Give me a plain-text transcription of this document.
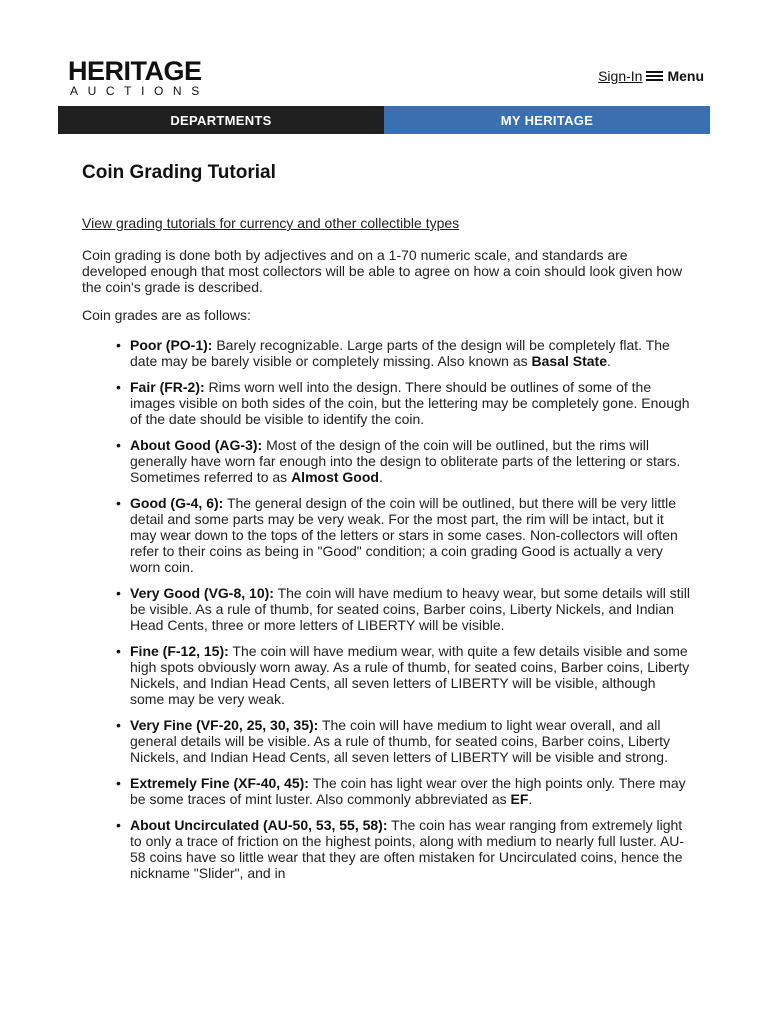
HERITAGE
AUCTIONS
Sign-In Menu
DEPARTMENTS	MY HERITAGE
Coin Grading Tutorial
View grading tutorials for currency and other collectible types

Coin grading is done both by adjectives and on a 1-70 numeric scale, and standards are developed enough that most collectors will be able to agree on how a coin should look given how the coin's grade is described.

Coin grades are as follows:

• Poor (PO-1): Barely recognizable. Large parts of the design will be completely flat. The date may be barely visible or completely missing. Also known as Basal State.
• Fair (FR-2): Rims worn well into the design. There should be outlines of some of the images visible on both sides of the coin, but the lettering may be completely gone. Enough of the date should be visible to identify the coin.
• About Good (AG-3): Most of the design of the coin will be outlined, but the rims will generally have worn far enough into the design to obliterate parts of the lettering or stars. Sometimes referred to as Almost Good.
• Good (G-4, 6): The general design of the coin will be outlined, but there will be very little detail and some parts may be very weak. For the most part, the rim will be intact, but it may wear down to the tops of the letters or stars in some cases. Non-collectors will often refer to their coins as being in "Good" condition; a coin grading Good is actually a very worn coin.
• Very Good (VG-8, 10): The coin will have medium to heavy wear, but some details will still be visible. As a rule of thumb, for seated coins, Barber coins, Liberty Nickels, and Indian Head Cents, three or more letters of LIBERTY will be visible.
• Fine (F-12, 15): The coin will have medium wear, with quite a few details visible and some high spots obviously worn away. As a rule of thumb, for seated coins, Barber coins, Liberty Nickels, and Indian Head Cents, all seven letters of LIBERTY will be visible, although some may be very weak.
• Very Fine (VF-20, 25, 30, 35): The coin will have medium to light wear overall, and all general details will be visible. As a rule of thumb, for seated coins, Barber coins, Liberty Nickels, and Indian Head Cents, all seven letters of LIBERTY will be visible and strong.
• Extremely Fine (XF-40, 45): The coin has light wear over the high points only. There may be some traces of mint luster. Also commonly abbreviated as EF.
• About Uncirculated (AU-50, 53, 55, 58): The coin has wear ranging from extremely light to only a trace of friction on the highest points, along with medium to nearly full luster. AU-58 coins have so little wear that they are often mistaken for Uncirculated coins, hence the nickname "Slider", and in
